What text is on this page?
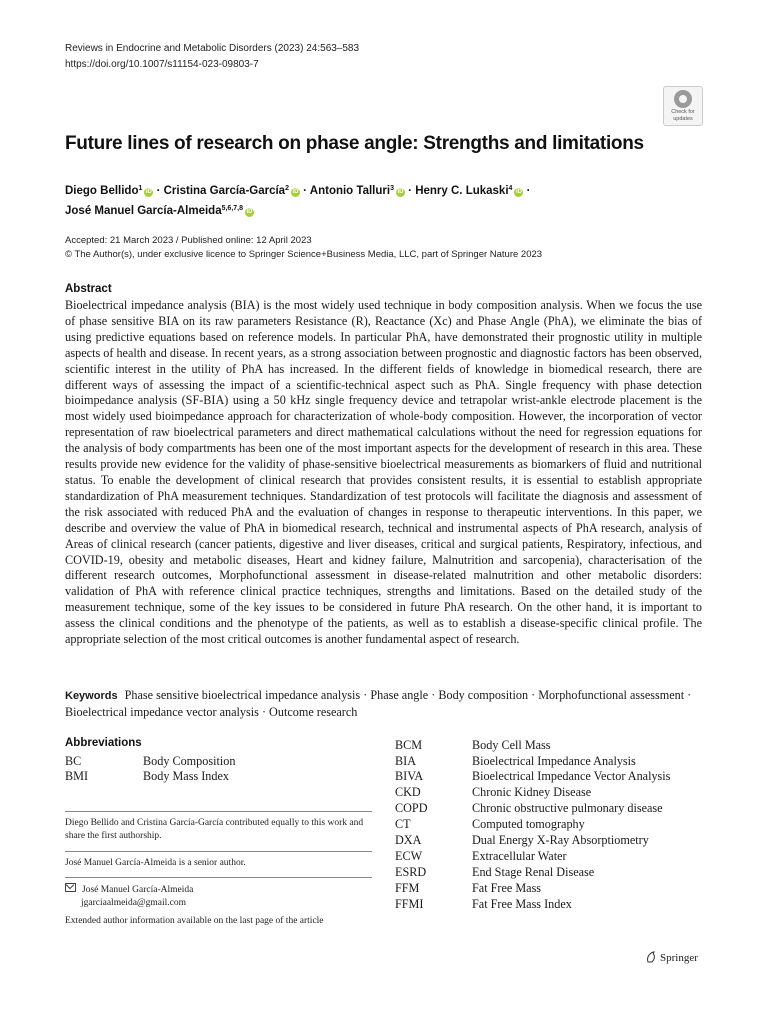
Reviews in Endocrine and Metabolic Disorders (2023) 24:563–583
https://doi.org/10.1007/s11154-023-09803-7
Check for
updates
Future lines of research on phase angle: Strengths and limitations
Diego Bellido$^1$ iD · Cristina García‑García$^2$ iD · Antonio Talluri$^3$ iD · Henry C. Lukaski$^4$ iD ·
José Manuel García‑Almeida$^{5,6,7,8}$ iD
Accepted: 21 March 2023 / Published online: 12 April 2023
© The Author(s), under exclusive licence to Springer Science+Business Media, LLC, part of Springer Nature 2023
Abstract
Bioelectrical impedance analysis (BIA) is the most widely used technique in body composition analysis. When we focus the use of phase sensitive BIA on its raw parameters Resistance (R), Reactance (Xc) and Phase Angle (PhA), we eliminate the bias of using predictive equations based on reference models. In particular PhA, have demonstrated their prognostic utility in multiple aspects of health and disease. In recent years, as a strong association between prognostic and diagnostic factors has been observed, scientific interest in the utility of PhA has increased. In the different fields of knowledge in biomedical research, there are different ways of assessing the impact of a scientific-technical aspect such as PhA. Single frequency with phase detection bioimpedance analysis (SF-BIA) using a 50 kHz single frequency device and tetrapolar wrist-ankle electrode placement is the most widely used bioimpedance approach for characterization of whole-body composition. However, the incorporation of vector representation of raw bioelectrical parameters and direct mathematical calculations without the need for regression equations for the analysis of body compartments has been one of the most important aspects for the development of research in this area. These results provide new evidence for the validity of phase-sensitive bioelectrical measurements as biomarkers of fluid and nutritional status. To enable the development of clinical research that provides consistent results, it is essential to establish appropriate standardization of PhA measurement techniques. Standardization of test protocols will facilitate the diagnosis and assessment of the risk associated with reduced PhA and the evaluation of changes in response to therapeutic interventions. In this paper, we describe and overview the value of PhA in biomedical research, technical and instrumental aspects of PhA research, analysis of Areas of clinical research (cancer patients, digestive and liver diseases, critical and surgical patients, Respiratory, infectious, and COVID-19, obesity and metabolic diseases, Heart and kidney failure, Malnutrition and sarcopenia), characterisation of the different research outcomes, Morphofunctional assessment in disease-related malnutrition and other metabolic disorders: validation of PhA with reference clinical practice techniques, strengths and limitations. Based on the detailed study of the measurement technique, some of the key issues to be considered in future PhA research. On the other hand, it is important to assess the clinical conditions and the phenotype of the patients, as well as to establish a disease-specific clinical profile. The appropriate selection of the most critical outcomes is another fundamental aspect of research.
Keywords Phase sensitive bioelectrical impedance analysis · Phase angle · Body composition · Morphofunctional assessment · Bioelectrical impedance vector analysis · Outcome research
Abbreviations
BC	Body Composition
BMI	Body Mass Index
BCM	Body Cell Mass
BIA	Bioelectrical Impedance Analysis
BIVA	Bioelectrical Impedance Vector Analysis
CKD	Chronic Kidney Disease
COPD	Chronic obstructive pulmonary disease
CT	Computed tomography
DXA	Dual Energy X-Ray Absorptiometry
ECW	Extracellular Water
ESRD	End Stage Renal Disease
FFM	Fat Free Mass
FFMI	Fat Free Mass Index
Diego Bellido and Cristina García-García contributed equally to this work and share the first authorship.
José Manuel García-Almeida is a senior author.
José Manuel García-Almeida
jgarciaalmeida@gmail.com
Extended author information available on the last page of the article
Springer
